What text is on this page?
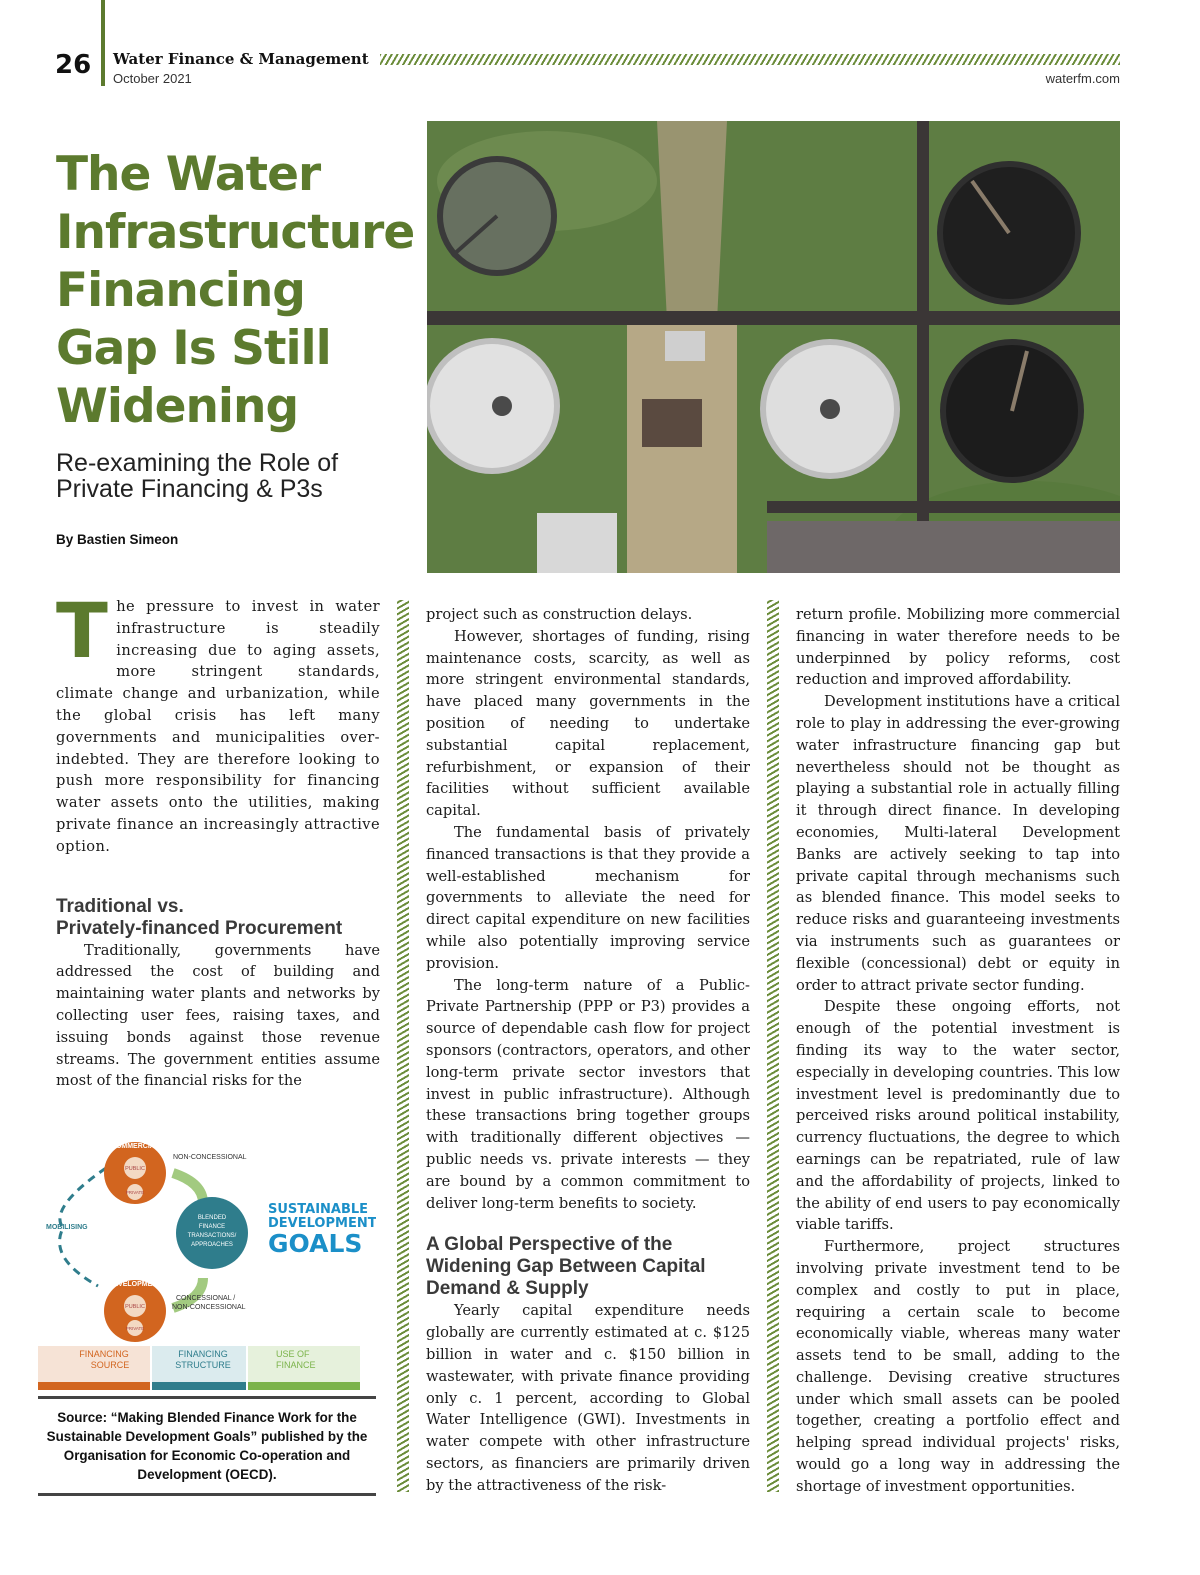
26 Water Finance & Management
October 2021	waterfm.com
The Water
Infrastructure
Financing
Gap Is Still
Widening
Re-examining the Role of
Private Financing & P3s
By Bastien Simeon

The pressure to invest in water infrastructure is steadily increasing due to aging assets, more stringent standards, climate change and urbanization, while the global crisis has left many governments and municipalities over-indebted. They are therefore looking to push more responsibility for financing water assets onto the utilities, making private finance an increasingly attractive option.

Traditional vs.
Privately-financed Procurement

Traditionally, governments have addressed the cost of building and maintaining water plants and networks by collecting user fees, raising taxes, and issuing bonds against those revenue streams. The government entities assume most of the financial risks for the

COMMERCIAL
PUBLIC
PRIVATE
NON-CONCESSIONAL
MOBILISING
BLENDED
FINANCE
TRANSACTIONS/
APPROACHES
DEVELOPMENT
PUBLIC
PRIVATE
CONCESSIONAL /
NON-CONCESSIONAL
SUSTAINABLE
DEVELOPMENT
GOALS
FINANCING
SOURCE
FINANCING
STRUCTURE
USE OF
FINANCE
Source: “Making Blended Finance Work for the Sustainable Development Goals” published by the Organisation for Economic Co-operation and Development (OECD).

project such as construction delays.

However, shortages of funding, rising maintenance costs, scarcity, as well as more stringent environmental standards, have placed many governments in the position of needing to undertake substantial capital replacement, refurbishment, or expansion of their facilities without sufficient available capital.

The fundamental basis of privately financed transactions is that they provide a well-established mechanism for governments to alleviate the need for direct capital expenditure on new facilities while also potentially improving service provision.

The long-term nature of a Public-Private Partnership (PPP or P3) provides a source of dependable cash flow for project sponsors (contractors, operators, and other long-term private sector investors that invest in public infrastructure). Although these transactions bring together groups with traditionally different objectives — public needs vs. private interests — they are bound by a common commitment to deliver long-term benefits to society.

A Global Perspective of the
Widening Gap Between Capital
Demand & Supply

Yearly capital expenditure needs globally are currently estimated at c. $125 billion in water and c. $150 billion in wastewater, with private finance providing only c. 1 percent, according to Global Water Intelligence (GWI). Investments in water compete with other infrastructure sectors, as financiers are primarily driven by the attractiveness of the risk-

return profile. Mobilizing more commercial financing in water therefore needs to be underpinned by policy reforms, cost reduction and improved affordability.

Development institutions have a critical role to play in addressing the ever-growing water infrastructure financing gap but nevertheless should not be thought as playing a substantial role in actually filling it through direct finance. In developing economies, Multi-lateral Development Banks are actively seeking to tap into private capital through mechanisms such as blended finance. This model seeks to reduce risks and guaranteeing investments via instruments such as guarantees or flexible (concessional) debt or equity in order to attract private sector funding.

Despite these ongoing efforts, not enough of the potential investment is finding its way to the water sector, especially in developing countries. This low investment level is predominantly due to perceived risks around political instability, currency fluctuations, the degree to which earnings can be repatriated, rule of law and the affordability of projects, linked to the ability of end users to pay economically viable tariffs.

Furthermore, project structures involving private investment tend to be complex and costly to put in place, requiring a certain scale to become economically viable, whereas many water assets tend to be small, adding to the challenge. Devising creative structures under which small assets can be pooled together, creating a portfolio effect and helping spread individual projects' risks, would go a long way in addressing the shortage of investment opportunities.
